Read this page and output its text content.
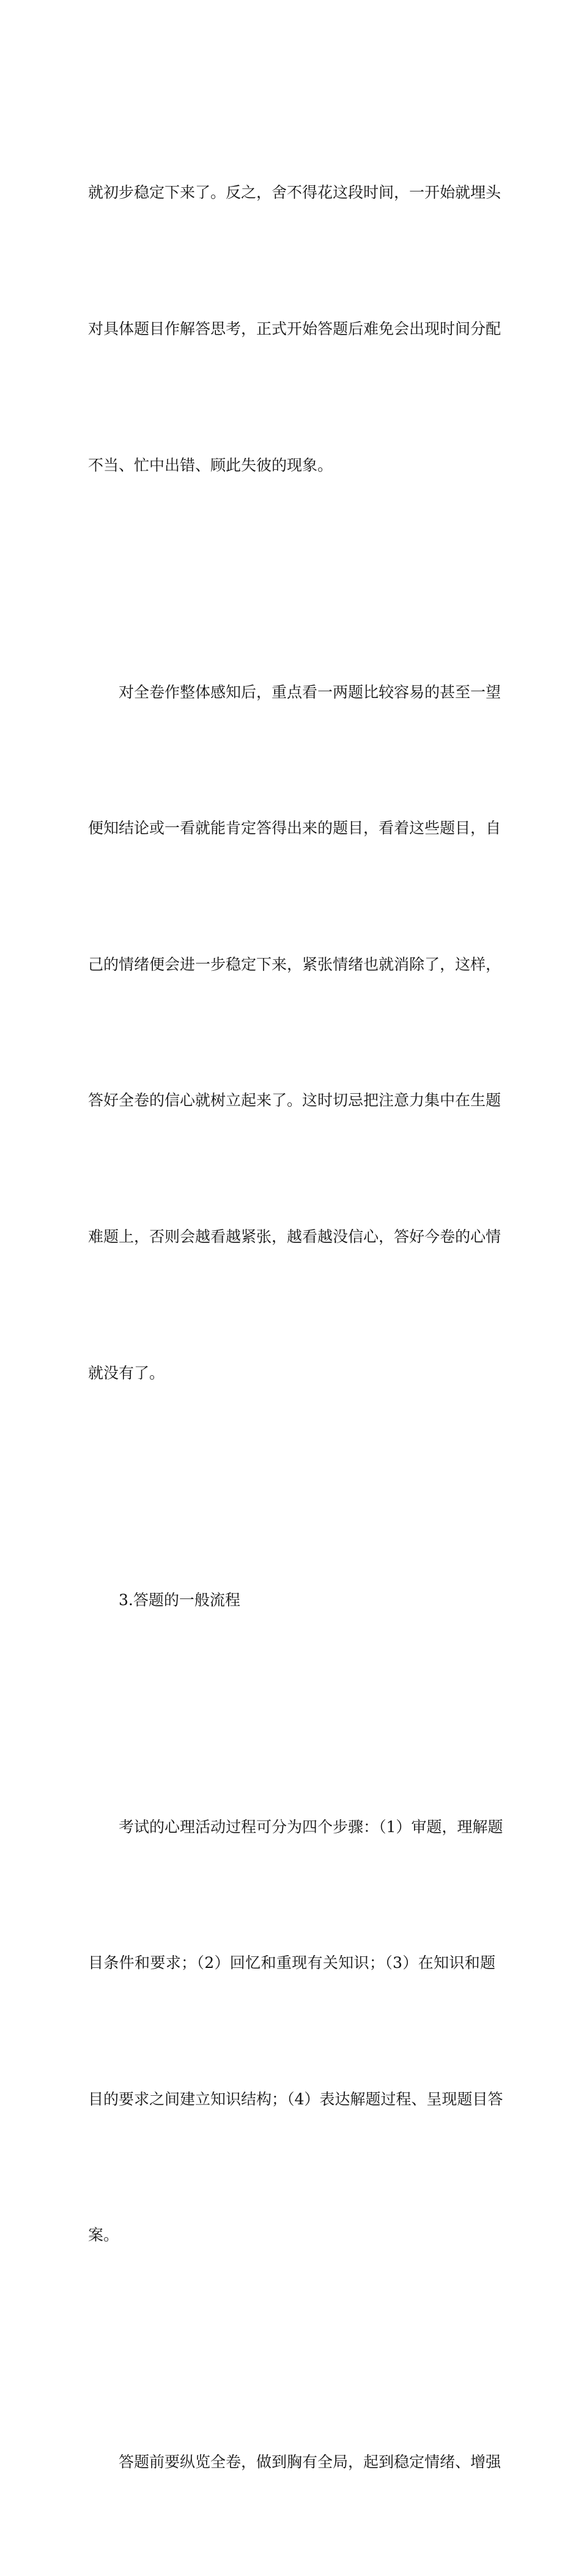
就初步稳定下来了。反之，舍不得花这段时间，一开始就埋头

对具体题目作解答思考，正式开始答题后难免会出现时间分配

不当、忙中出错、顾此失彼的现象。

对全卷作整体感知后，重点看一两题比较容易的甚至一望

便知结论或一看就能肯定答得出来的题目，看着这些题目，自

己的情绪便会进一步稳定下来，紧张情绪也就消除了，这样，

答好全卷的信心就树立起来了。这时切忌把注意力集中在生题

难题上，否则会越看越紧张，越看越没信心，答好今卷的心情

就没有了。

3.答题的一般流程

考试的心理活动过程可分为四个步骤：（1）审题，理解题

目条件和要求；（2）回忆和重现有关知识；（3）在知识和题

目的要求之间建立知识结构；（4）表达解题过程、呈现题目答

案。

答题前要纵览全卷，做到胸有全局，起到稳定情绪、增强
